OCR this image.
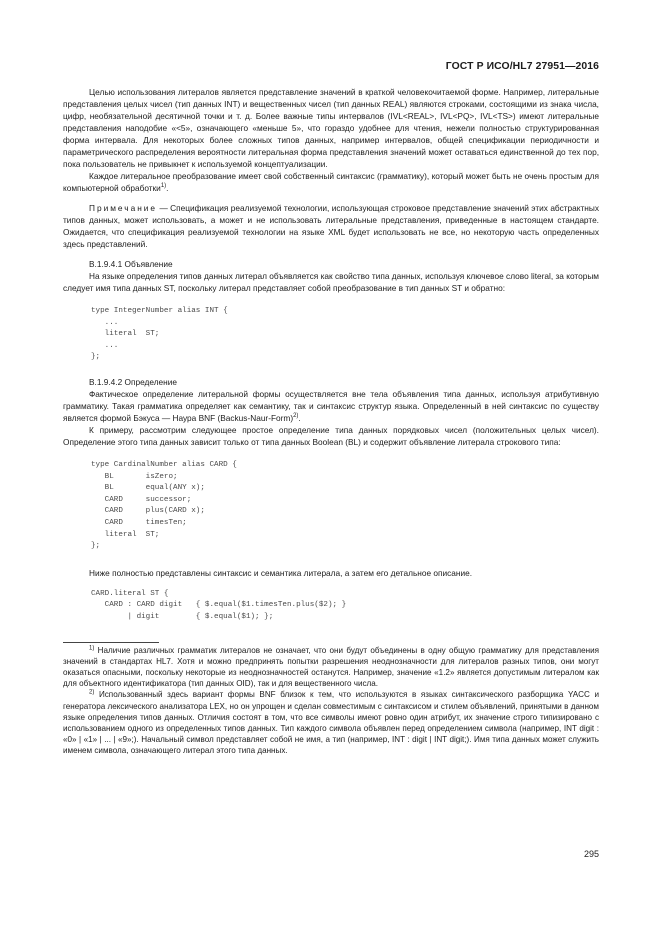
ГОСТ Р ИСО/HL7 27951—2016

Целью использования литералов является представление значений в краткой человекочитаемой форме. Например, литеральные представления целых чисел (тип данных INT) и вещественных чисел (тип данных REAL) являются строками, состоящими из знака числа, цифр, необязательной десятичной точки и т. д. Более важные типы интервалов (IVL<REAL>, IVL<PQ>, IVL<TS>) имеют литеральные представления наподобие «<5», означающего «меньше 5», что гораздо удобнее для чтения, нежели полностью структурированная форма интервала. Для некоторых более сложных типов данных, например интервалов, общей спецификации периодичности и параметрического распределения вероятности литеральная форма представления значений может оставаться единственной до тех пор, пока пользователь не привыкнет к используемой концептуализации.

Каждое литеральное преобразование имеет свой собственный синтаксис (грамматику), который может быть не очень простым для компьютерной обработки$^{1)}$.

Примечание — Спецификация реализуемой технологии, использующая строковое представление значений этих абстрактных типов данных, может использовать, а может и не использовать литеральные представления, приведенные в настоящем стандарте. Ожидается, что спецификация реализуемой технологии на языке XML будет использовать не все, но некоторую часть определенных здесь представлений.

B.1.9.4.1 Объявление

На языке определения типов данных литерал объявляется как свойство типа данных, используя ключевое слово literal, за которым следует имя типа данных ST, поскольку литерал представляет собой преобразование в тип данных ST и обратно:

type IntegerNumber alias INT {
...
literal  ST;
...
};

B.1.9.4.2 Определение

Фактическое определение литеральной формы осуществляется вне тела объявления типа данных, используя атрибутивную грамматику. Такая грамматика определяет как семантику, так и синтаксис структур языка. Определенный в ней синтаксис по существу является формой Бэкуса — Наура BNF (Backus-Naur-Form)$^{2)}$.

К примеру, рассмотрим следующее простое определение типа данных порядковых чисел (положительных целых чисел). Определение этого типа данных зависит только от типа данных Boolean (BL) и содержит объявление литерала строкового типа:

type CardinalNumber alias CARD {
BL       isZero;
BL       equal(ANY x);
CARD     successor;
CARD     plus(CARD x);
CARD     timesTen;
literal  ST;
};

Ниже полностью представлены синтаксис и семантика литерала, а затем его детальное описание.

CARD.literal ST {
CARD : CARD digit   { $.equal($1.timesTen.plus($2); }
| digit        { $.equal($1); };

$^{1)}$ Наличие различных грамматик литералов не означает, что они будут объединены в одну общую грамматику для представления значений в стандартах HL7. Хотя и можно предпринять попытки разрешения неоднозначности для литералов разных типов, они могут оказаться опасными, поскольку некоторые из неоднозначностей останутся. Например, значение «1.2» является допустимым литералом как для объектного идентификатора (тип данных OID), так и для вещественного числа.

$^{2)}$ Использованный здесь вариант формы BNF близок к тем, что используются в языках синтаксического разборщика YACC и генератора лексического анализатора LEX, но он упрощен и сделан совместимым с синтаксисом и стилем объявлений, принятыми в данном языке определения типов данных. Отличия состоят в том, что все символы имеют ровно один атрибут, их значение строго типизировано с использованием одного из определенных типов данных. Тип каждого символа объявлен перед определением символа (например, INT digit : «0» | «1» | ... | «9»;). Начальный символ представляет собой не имя, а тип (например, INT : digit | INT digit;). Имя типа данных может служить именем символа, означающего литерал этого типа данных.

295
